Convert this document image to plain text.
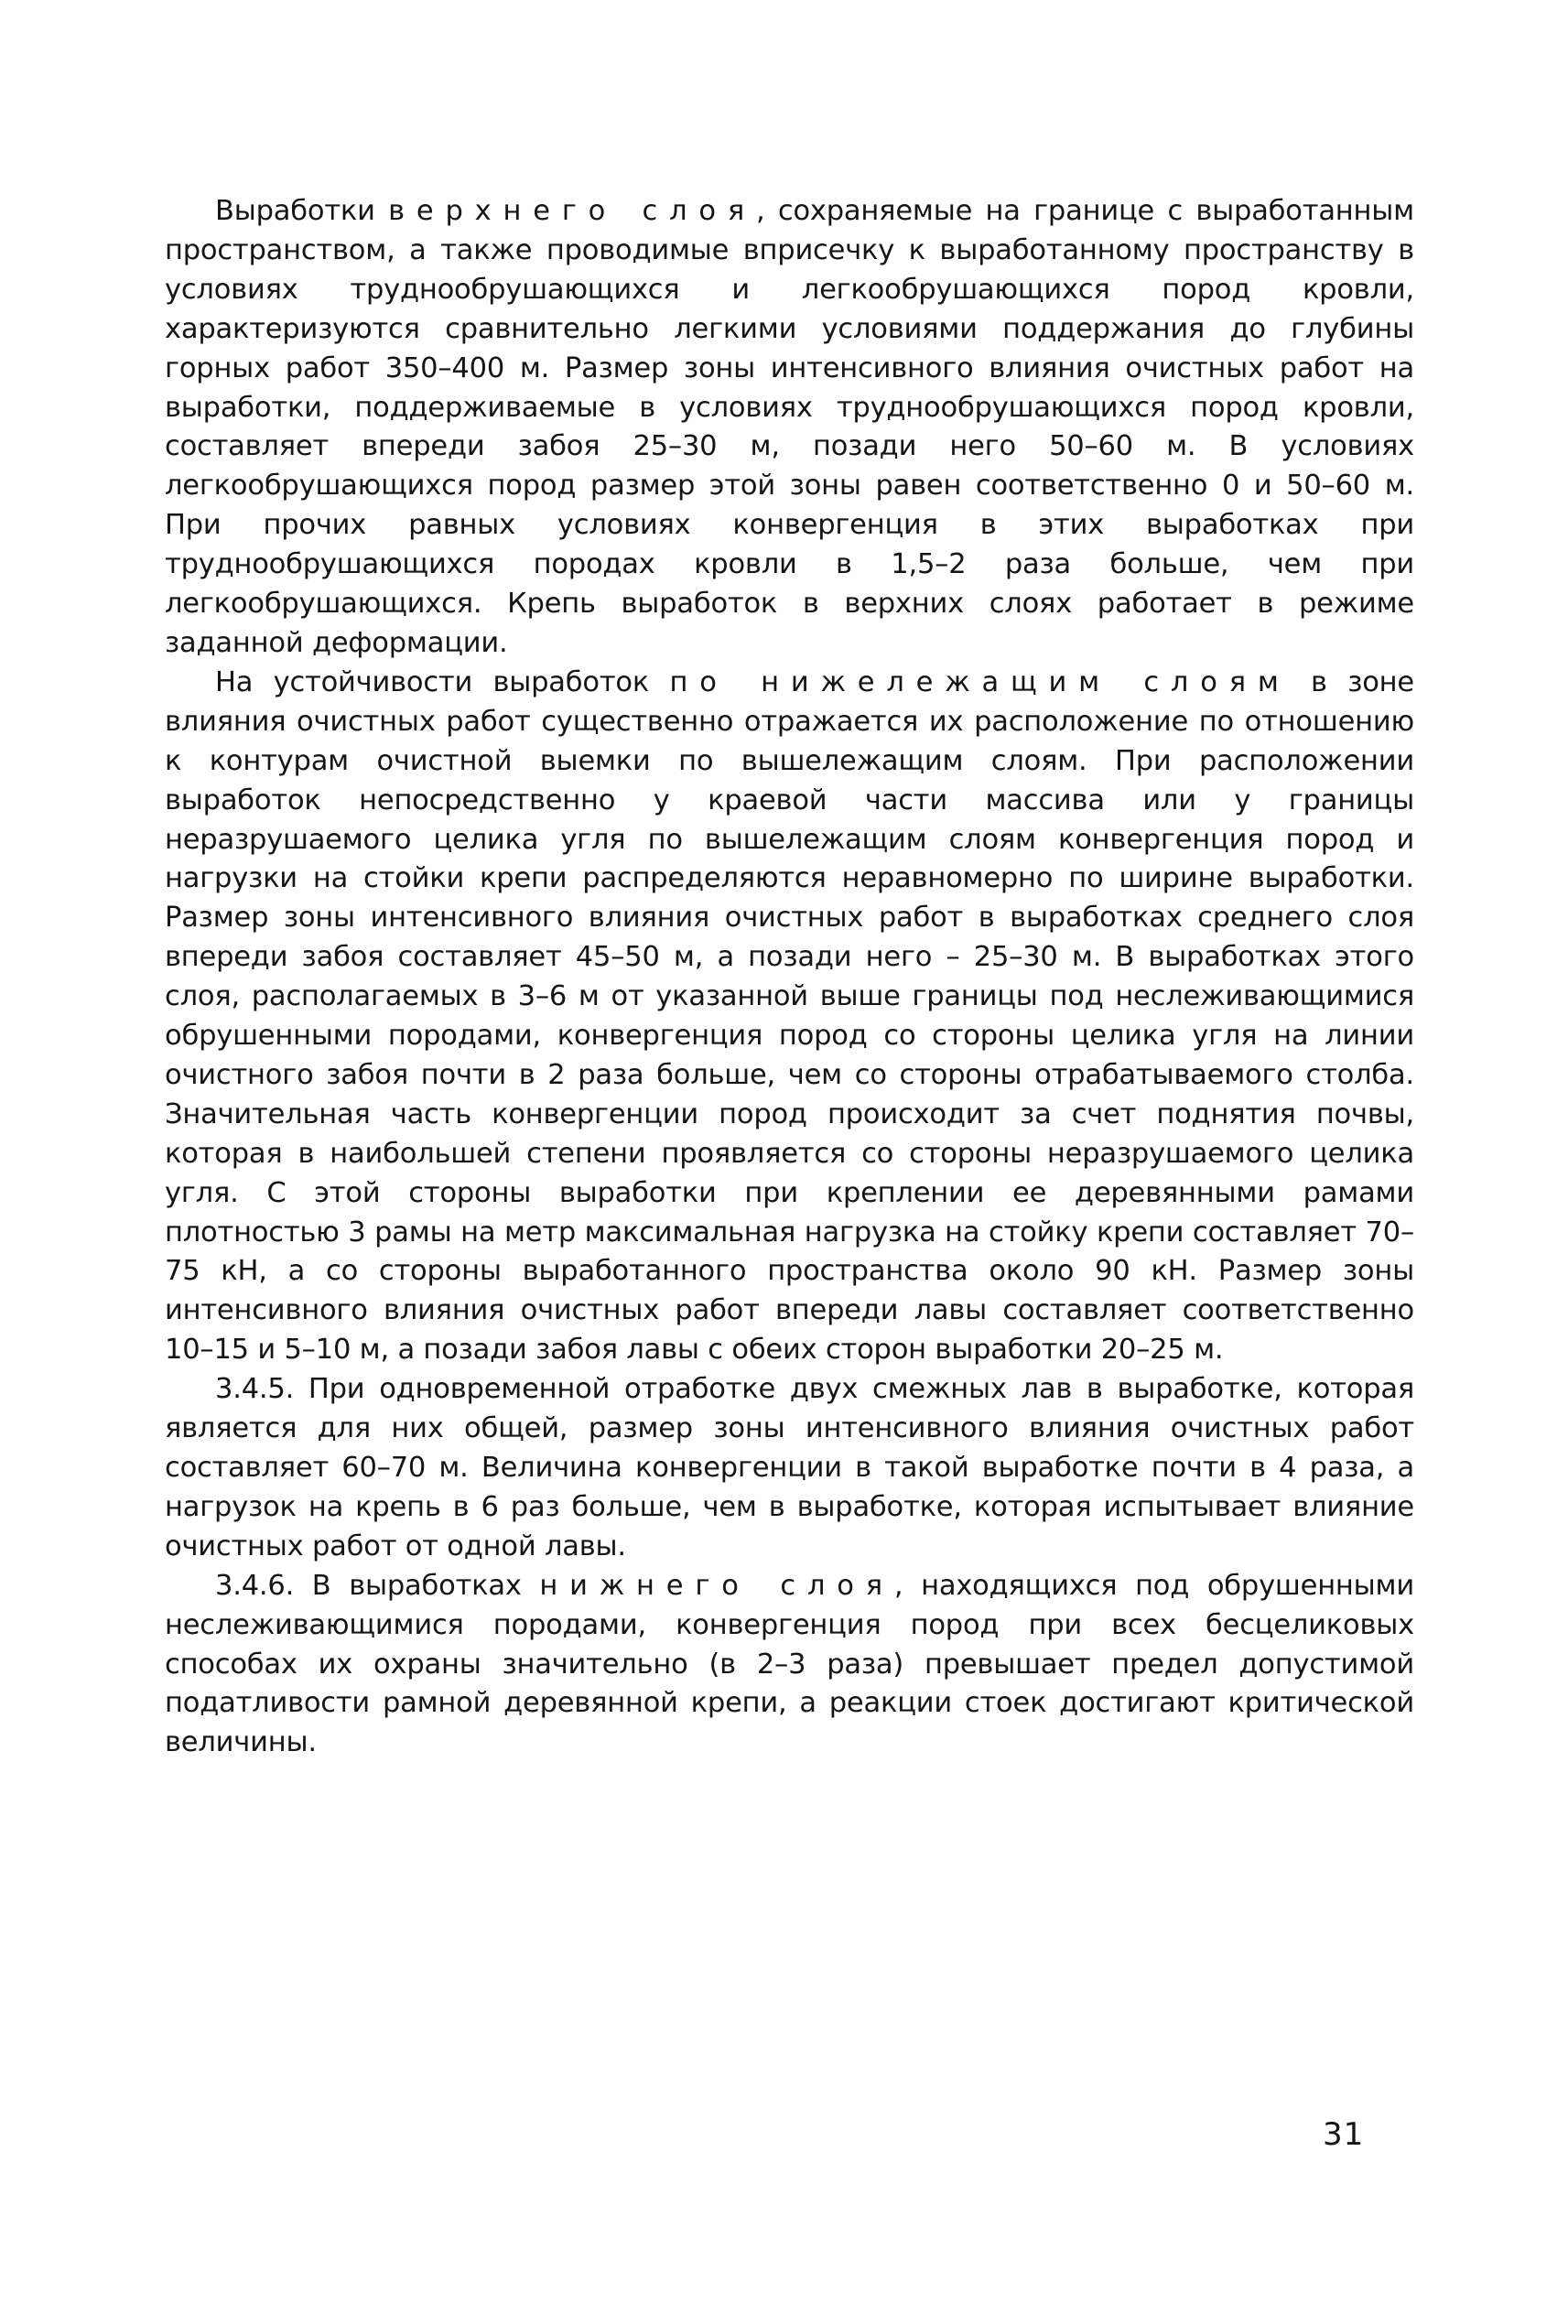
Выработки верхнего слоя, сохраняемые на границе с выработанным пространством, а также проводимые вприсечку к выработанному пространству в условиях труднообрушающихся и легкообрушающихся пород кровли, характеризуются сравнительно легкими условиями поддержания до глубины горных работ 350–400 м. Размер зоны интенсивного влияния очистных работ на выработки, поддерживаемые в условиях труднообрушающихся пород кровли, составляет впереди забоя 25–30 м, позади него 50–60 м. В условиях легкообрушающихся пород размер этой зоны равен соответственно 0 и 50–60 м. При прочих равных условиях конвергенция в этих выработках при труднообрушающихся породах кровли в 1,5–2 раза больше, чем при легкообрушающихся. Крепь выработок в верхних слоях работает в режиме заданной деформации.

На устойчивости выработок по нижележащим слоям в зоне влияния очистных работ существенно отражается их расположение по отношению к контурам очистной выемки по вышележащим слоям. При расположении выработок непосредственно у краевой части массива или у границы неразрушаемого целика угля по вышележащим слоям конвергенция пород и нагрузки на стойки крепи распределяются неравномерно по ширине выработки. Размер зоны интенсивного влияния очистных работ в выработках среднего слоя впереди забоя составляет 45–50 м, а позади него – 25–30 м. В выработках этого слоя, располагаемых в 3–6 м от указанной выше границы под неслеживающимися обрушенными породами, конвергенция пород со стороны целика угля на линии очистного забоя почти в 2 раза больше, чем со стороны отрабатываемого столба. Значительная часть конвергенции пород происходит за счет поднятия почвы, которая в наибольшей степени проявляется со стороны неразрушаемого целика угля. С этой стороны выработки при креплении ее деревянными рамами плотностью 3 рамы на метр максимальная нагрузка на стойку крепи составляет 70–75 кН, а со стороны выработанного пространства около 90 кН. Размер зоны интенсивного влияния очистных работ впереди лавы составляет соответственно 10–15 и 5–10 м, а позади забоя лавы с обеих сторон выработки 20–25 м.

3.4.5. При одновременной отработке двух смежных лав в выработке, которая является для них общей, размер зоны интенсивного влияния очистных работ составляет 60–70 м. Величина конвергенции в такой выработке почти в 4 раза, а нагрузок на крепь в 6 раз больше, чем в выработке, которая испытывает влияние очистных работ от одной лавы.

3.4.6. В выработках нижнего слоя, находящихся под обрушенными неслеживающимися породами, конвергенция пород при всех бесцеликовых способах их охраны значительно (в 2–3 раза) превышает предел допустимой податливости рамной деревянной крепи, а реакции стоек достигают критической величины.

31
